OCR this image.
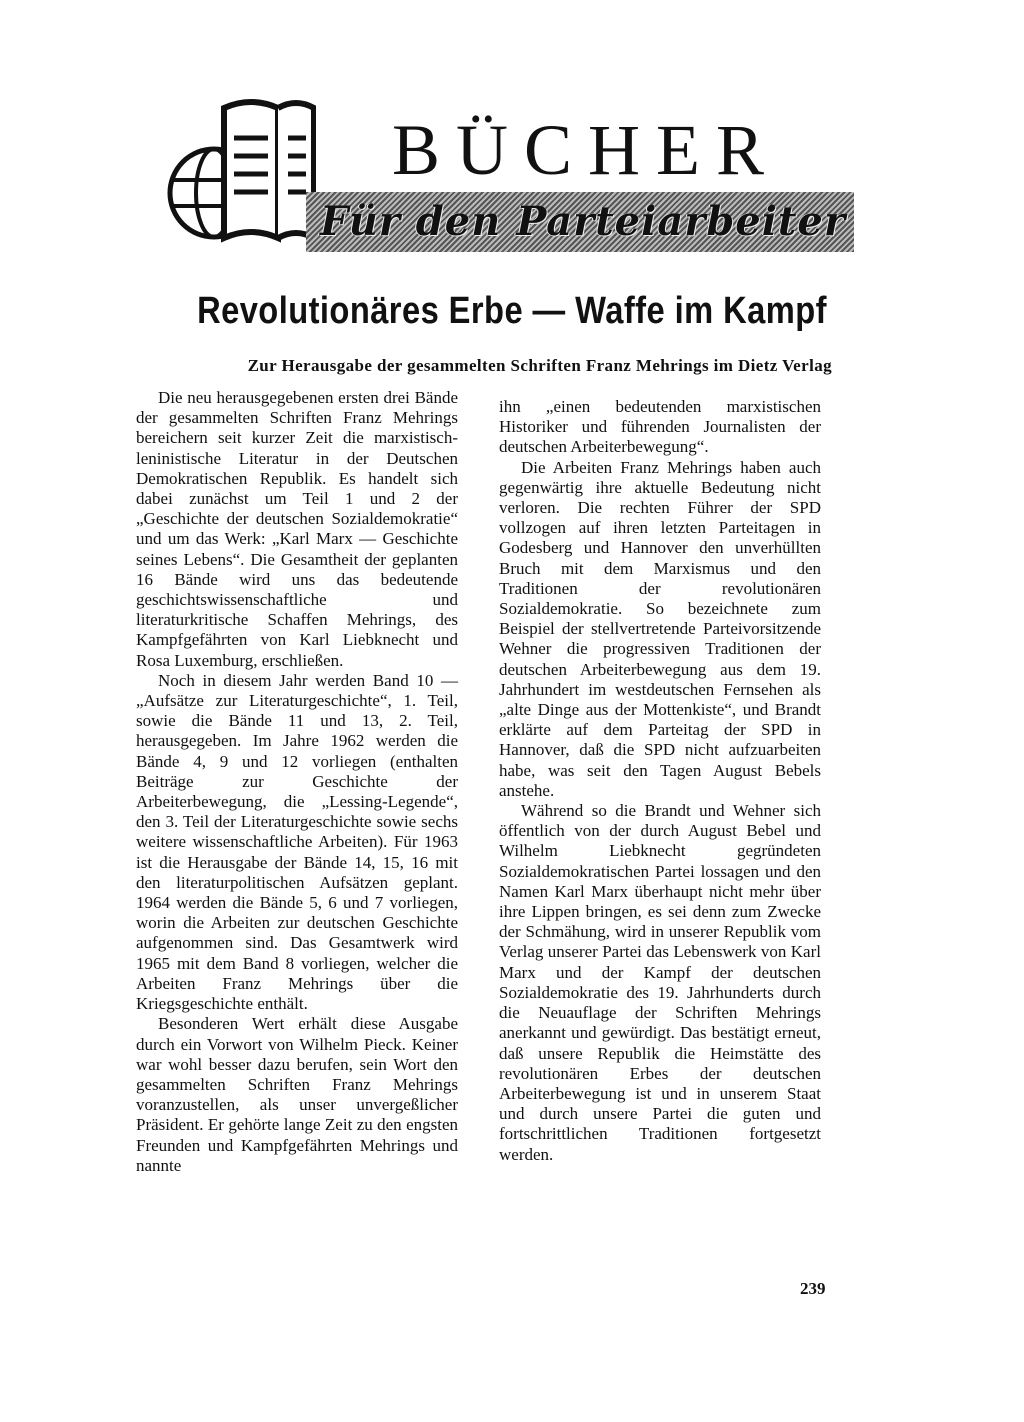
BÜCHER
Für den Parteiarbeiter
Revolutionäres Erbe — Waffe im Kampf
Zur Herausgabe der gesammelten Schriften Franz Mehrings im Dietz Verlag

Die neu herausgegebenen ersten drei Bände der gesammelten Schriften Franz Mehrings bereichern seit kurzer Zeit die marxistisch-leninistische Literatur in der Deutschen Demokratischen Republik. Es handelt sich dabei zunächst um Teil 1 und 2 der „Geschichte der deutschen Sozialdemokratie“ und um das Werk: „Karl Marx — Geschichte seines Lebens“. Die Gesamtheit der geplanten 16 Bände wird uns das bedeutende geschichtswissenschaftliche und literaturkritische Schaffen Mehrings, des Kampfgefährten von Karl Liebknecht und Rosa Luxemburg, erschließen.

Noch in diesem Jahr werden Band 10 — „Aufsätze zur Literaturgeschichte“, 1. Teil, sowie die Bände 11 und 13, 2. Teil, herausgegeben. Im Jahre 1962 werden die Bände 4, 9 und 12 vorliegen (enthalten Beiträge zur Geschichte der Arbeiterbewegung, die „Lessing-Legende“, den 3. Teil der Literaturgeschichte sowie sechs weitere wissenschaftliche Arbeiten). Für 1963 ist die Herausgabe der Bände 14, 15, 16 mit den literaturpolitischen Aufsätzen geplant. 1964 werden die Bände 5, 6 und 7 vorliegen, worin die Arbeiten zur deutschen Geschichte aufgenommen sind. Das Gesamtwerk wird 1965 mit dem Band 8 vorliegen, welcher die Arbeiten Franz Mehrings über die Kriegsgeschichte enthält.

Besonderen Wert erhält diese Ausgabe durch ein Vorwort von Wilhelm Pieck. Keiner war wohl besser dazu berufen, sein Wort den gesammelten Schriften Franz Mehrings voranzustellen, als unser unvergeßlicher Präsident. Er gehörte lange Zeit zu den engsten Freunden und Kampfgefährten Mehrings und nannte

ihn „einen bedeutenden marxistischen Historiker und führenden Journalisten der deutschen Arbeiterbewegung“.

Die Arbeiten Franz Mehrings haben auch gegenwärtig ihre aktuelle Bedeutung nicht verloren. Die rechten Führer der SPD vollzogen auf ihren letzten Parteitagen in Godesberg und Hannover den unverhüllten Bruch mit dem Marxismus und den Traditionen der revolutionären Sozialdemokratie. So bezeichnete zum Beispiel der stellvertretende Parteivorsitzende Wehner die progressiven Traditionen der deutschen Arbeiterbewegung aus dem 19. Jahrhundert im westdeutschen Fernsehen als „alte Dinge aus der Mottenkiste“, und Brandt erklärte auf dem Parteitag der SPD in Hannover, daß die SPD nicht aufzuarbeiten habe, was seit den Tagen August Bebels anstehe.

Während so die Brandt und Wehner sich öffentlich von der durch August Bebel und Wilhelm Liebknecht gegründeten Sozialdemokratischen Partei lossagen und den Namen Karl Marx überhaupt nicht mehr über ihre Lippen bringen, es sei denn zum Zwecke der Schmähung, wird in unserer Republik vom Verlag unserer Partei das Lebenswerk von Karl Marx und der Kampf der deutschen Sozialdemokratie des 19. Jahrhunderts durch die Neuauflage der Schriften Mehrings anerkannt und gewürdigt. Das bestätigt erneut, daß unsere Republik die Heimstätte des revolutionären Erbes der deutschen Arbeiterbewegung ist und in unserem Staat und durch unsere Partei die guten und fortschrittlichen Traditionen fortgesetzt werden.

239
